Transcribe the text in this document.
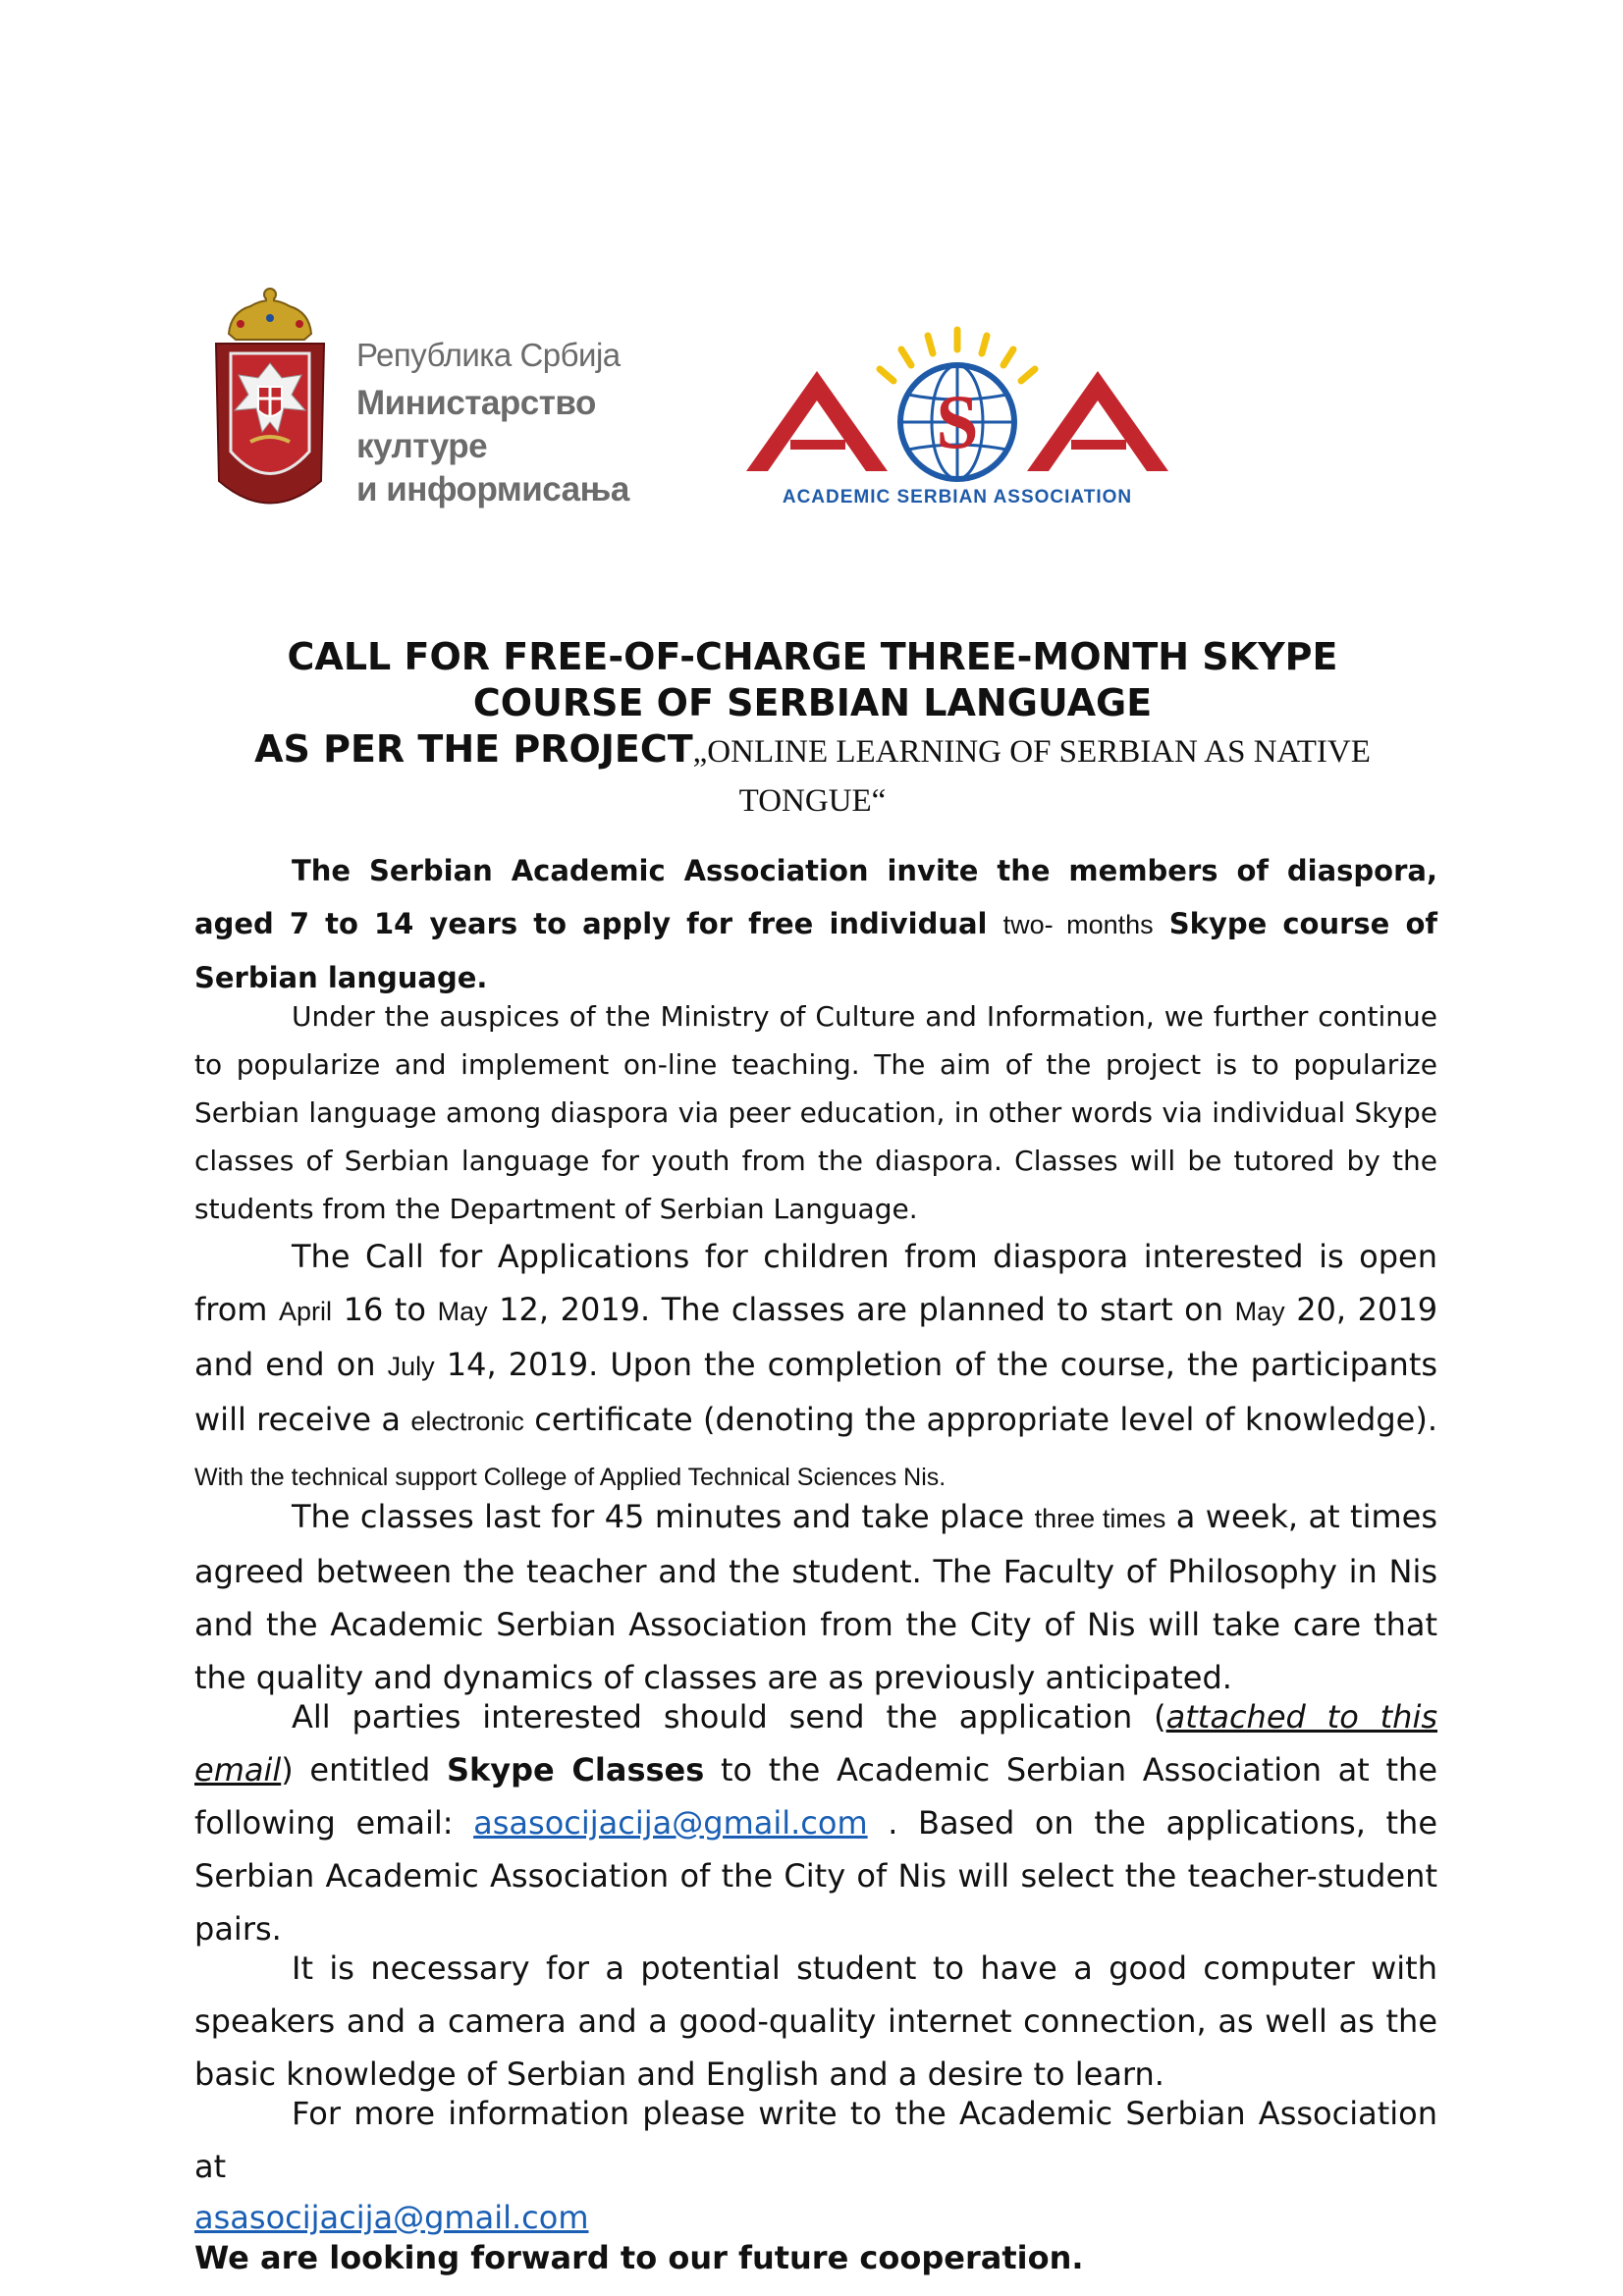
Република Србија
Министарство културе
и информисања
S
ACADEMIC SERBIAN ASSOCIATION
CALL FOR FREE-OF-CHARGE THREE-MONTH SKYPE
COURSE OF SERBIAN LANGUAGE
AS PER THE PROJECT„ONLINE LEARNING OF SERBIAN AS NATIVE TONGUE“

The Serbian Academic Association invite the members of diaspora, aged 7 to 14 years to apply for free individual two- months Skype course of Serbian language.

Under the auspices of the Ministry of Culture and Information, we further continue to popularize and implement on-line teaching. The aim of the project is to popularize Serbian language among diaspora via peer education, in other words via individual Skype classes of Serbian language for youth from the diaspora. Classes will be tutored by the students from the Department of Serbian Language.

The Call for Applications for children from diaspora interested is open from April 16 to May 12, 2019. The classes are planned to start on May 20, 2019 and end on July 14, 2019. Upon the completion of the course, the participants will receive a electronic certificate (denoting the appropriate level of knowledge). With the technical support College of Applied Technical Sciences Nis.

The classes last for 45 minutes and take place three times a week, at times agreed between the teacher and the student. The Faculty of Philosophy in Nis and the Academic Serbian Association from the City of Nis will take care that the quality and dynamics of classes are as previously anticipated.

All parties interested should send the application (attached to this email) entitled Skype Classes to the Academic Serbian Association at the following email: asasocijacija@gmail.com . Based on the applications, the Serbian Academic Association of the City of Nis will select the teacher-student pairs.

It is necessary for a potential student to have a good computer with speakers and a camera and a good-quality internet connection, as well as the basic knowledge of Serbian and English and a desire to learn.

For more information please write to the Academic Serbian Association at

asasocijacija@gmail.com

We are looking forward to our future cooperation.
